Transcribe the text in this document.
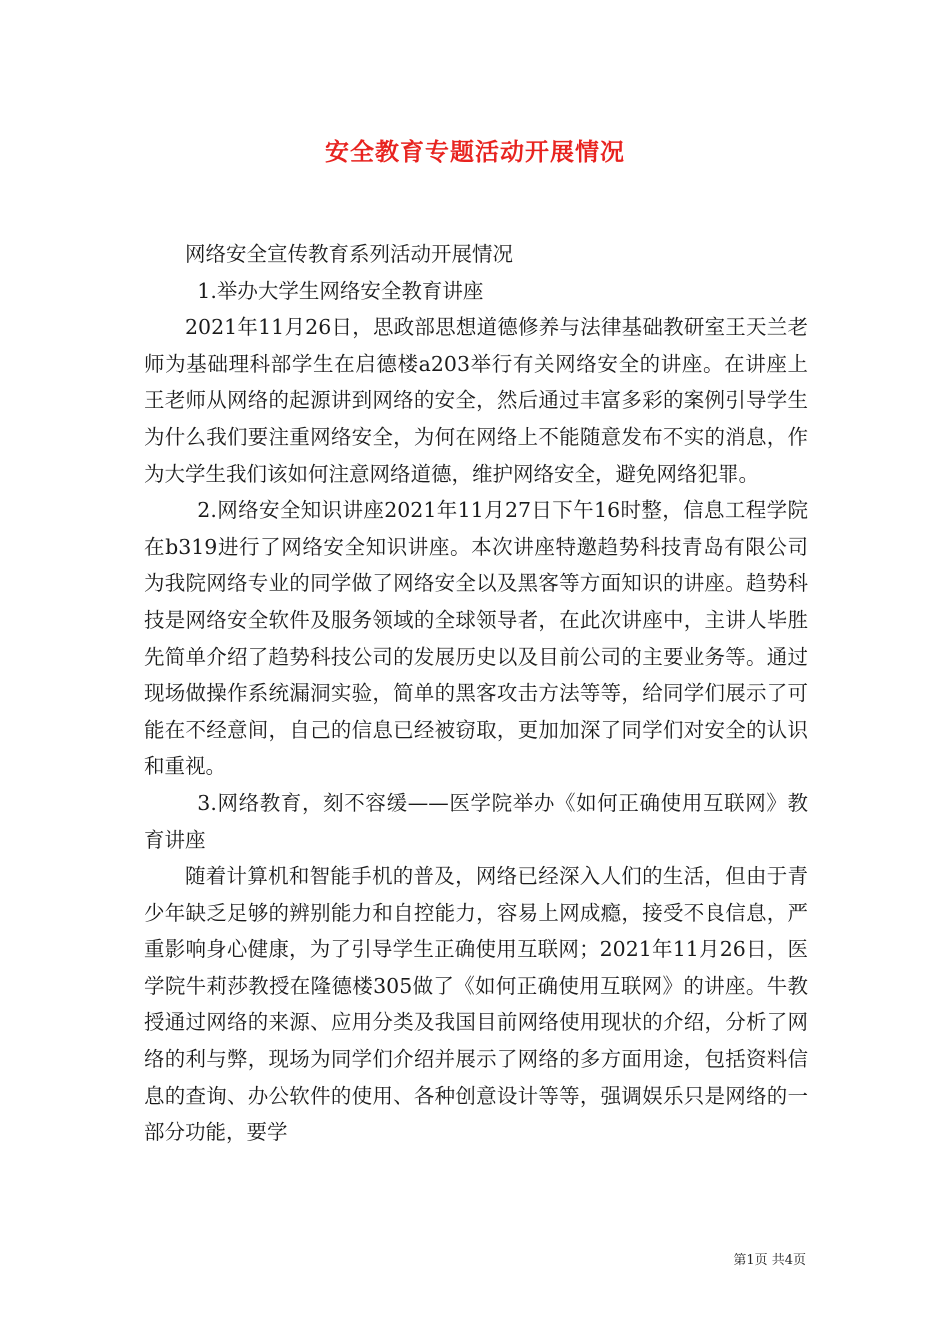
安全教育专题活动开展情况

网络安全宣传教育系列活动开展情况

1.举办大学生网络安全教育讲座

2021年11月26日，思政部思想道德修养与法律基础教研室王天兰老师为基础理科部学生在启德楼a203举行有关网络安全的讲座。在讲座上王老师从网络的起源讲到网络的安全，然后通过丰富多彩的案例引导学生为什么我们要注重网络安全，为何在网络上不能随意发布不实的消息，作为大学生我们该如何注意网络道德，维护网络安全，避免网络犯罪。

2.网络安全知识讲座2021年11月27日下午16时整，信息工程学院在b319进行了网络安全知识讲座。本次讲座特邀趋势科技青岛有限公司为我院网络专业的同学做了网络安全以及黑客等方面知识的讲座。趋势科技是网络安全软件及服务领域的全球领导者，在此次讲座中，主讲人毕胜先简单介绍了趋势科技公司的发展历史以及目前公司的主要业务等。通过现场做操作系统漏洞实验，简单的黑客攻击方法等等，给同学们展示了可能在不经意间，自己的信息已经被窃取，更加加深了同学们对安全的认识和重视。

3.网络教育，刻不容缓——医学院举办《如何正确使用互联网》教育讲座

随着计算机和智能手机的普及，网络已经深入人们的生活，但由于青少年缺乏足够的辨别能力和自控能力，容易上网成瘾，接受不良信息，严重影响身心健康，为了引导学生正确使用互联网；2021年11月26日，医学院牛莉莎教授在隆德楼305做了《如何正确使用互联网》的讲座。牛教授通过网络的来源、应用分类及我国目前网络使用现状的介绍，分析了网络的利与弊，现场为同学们介绍并展示了网络的多方面用途，包括资料信息的查询、办公软件的使用、各种创意设计等等，强调娱乐只是网络的一部分功能，要学

第1页 共4页
